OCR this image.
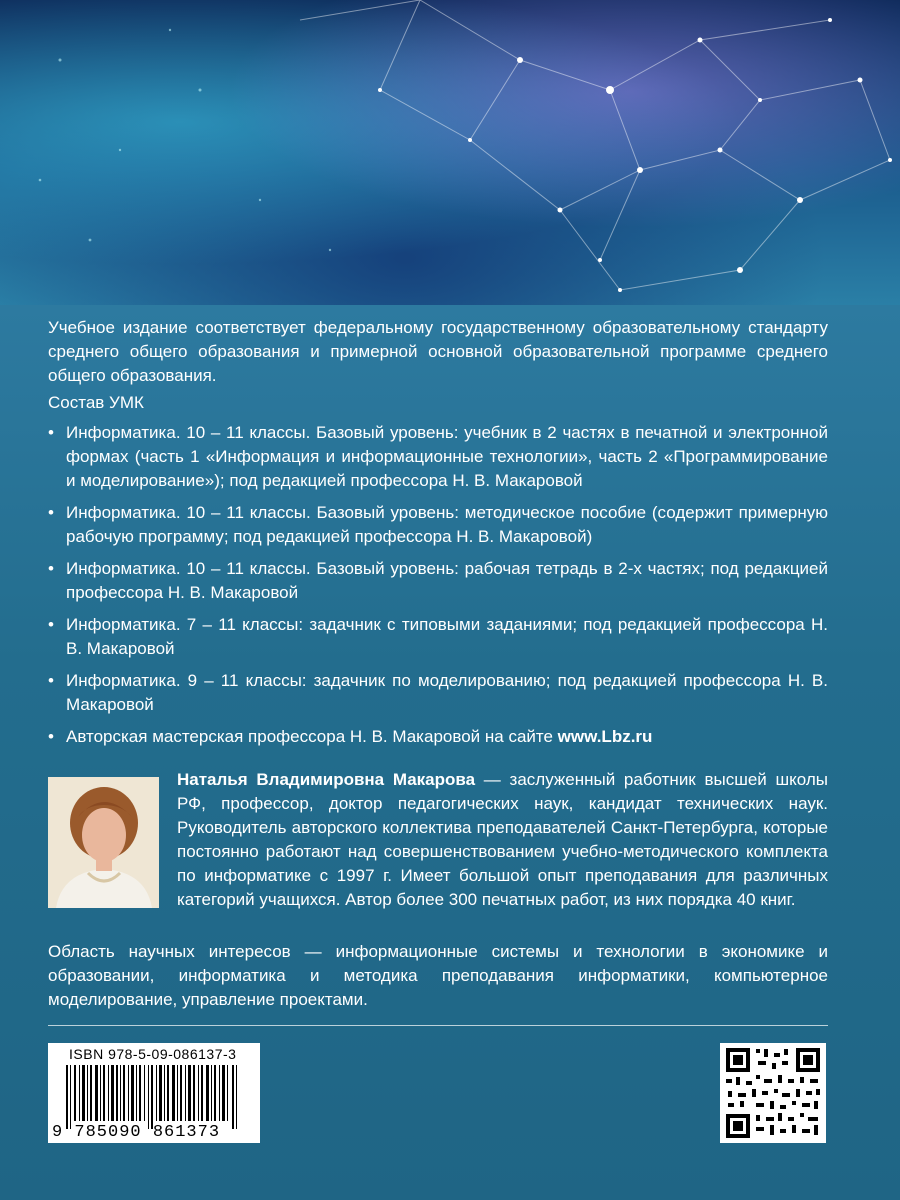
Учебное издание соответствует федеральному государственному образовательному стандарту среднего общего образования и примерной основной образовательной программе среднего общего образования.
Состав УМК
• Информатика. 10 – 11 классы. Базовый уровень: учебник в 2 частях в печатной и электронной формах (часть 1 «Информация и информационные технологии», часть 2 «Программирование и моделирование»); под редакцией профессора Н. В. Макаровой
• Информатика. 10 – 11 классы. Базовый уровень: методическое пособие (содержит примерную рабочую программу; под редакцией профессора Н. В. Макаровой)
• Информатика. 10 – 11 классы. Базовый уровень: рабочая тетрадь в 2-х частях; под редакцией профессора Н. В. Макаровой
• Информатика. 7 – 11 классы: задачник с типовыми заданиями; под редакцией профессора Н. В. Макаровой
• Информатика. 9 – 11 классы: задачник по моделированию; под редакцией профессора Н. В. Макаровой
• Авторская мастерская профессора Н. В. Макаровой на сайте www.Lbz.ru
Наталья Владимировна Макарова — заслуженный работник высшей школы РФ, профессор, доктор педагогических наук, кандидат технических наук. Руководитель авторского коллектива преподавателей Санкт-Петербурга, которые постоянно работают над совершенствованием учебно-методического комплекта по информатике с 1997 г. Имеет большой опыт преподавания для различных категорий учащихся. Автор более 300 печатных работ, из них порядка 40 книг.
Область научных интересов — информационные системы и технологии в экономике и образовании, информатика и методика преподавания информатики, компьютерное моделирование, управление проектами.
ISBN 978-5-09-086137-3
9 785090 861373
